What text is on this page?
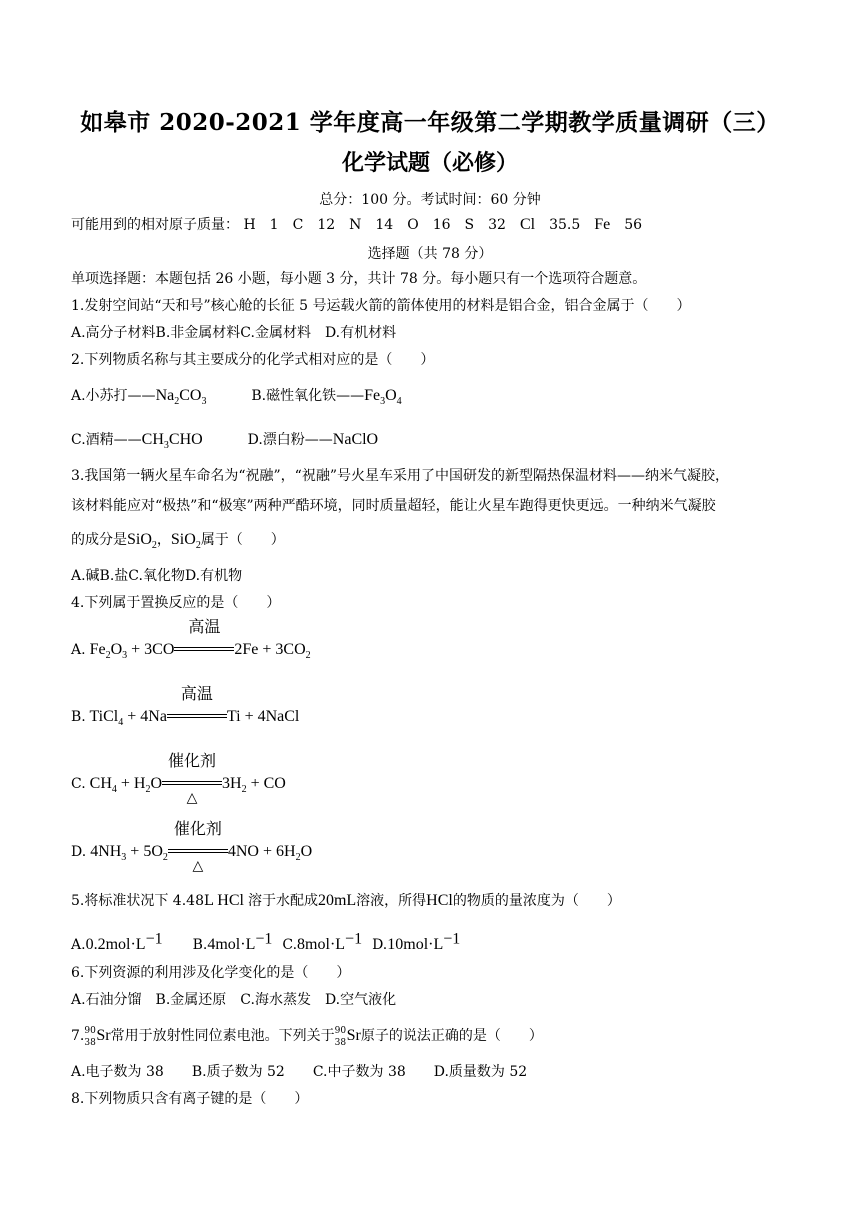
如皋市 2020-2021 学年度高一年级第二学期教学质量调研（三）
化学试题（必修）
总分：100 分。考试时间：60 分钟
可能用到的相对原子质量： H 1 C 12 N 14 O 16 S 32 Cl 35.5 Fe 56
选择题（共 78 分）
单项选择题：本题包括 26 小题，每小题 3 分，共计 78 分。每小题只有一个选项符合题意。
1.发射空间站“天和号”核心舱的长征 5 号运载火箭的箭体使用的材料是铝合金，铝合金属于（　　）
A.高分子材料B.非金属材料C.金属材料　D.有机材料
2.下列物质名称与其主要成分的化学式相对应的是（　　）
A.小苏打$——Na_2CO_3$	B.磁性氧化铁$——Fe_3O_4$
C.酒精$——CH_3CHO$	D.漂白粉——NaClO
3.我国第一辆火星车命名为“祝融”，“祝融”号火星车采用了中国研发的新型隔热保温材料——纳米气凝胶，
该材料能应对“极热”和“极寒”两种严酷环境，同时质量超轻，能让火星车跑得更快更远。一种纳米气凝胶
的成分是SiO$_2$，SiO$_2$属于（　　）
A.碱B.盐C.氧化物D.有机物
4.下列属于置换反应的是（　　）
A. $Fe_2O_3 + 3CO$
高温
$2Fe + 3CO_2$
B. TiCl$_4$ + 4Na
高温
Ti + 4NaCl
C. $CH_4 + H_2O$
催化剂
△
$3H_2$ + CO
D. $4NH_3 + 5O_2$
催化剂
△
$4NO + 6H_2O$
5.将标准状况下 4.48L HCl 溶于水配成20mL溶液，所得HCl的物质的量浓度为（　　）
$A.0.2mol\cdot L^{-1}$ $B.4mol\cdot L^{-1}$ $C.8mol\cdot L^{-1}$ $D.10mol\cdot L^{-1}$
6.下列资源的利用涉及化学变化的是（　　）
A.石油分馏　B.金属还原　C.海水蒸发　D.空气液化
7. 90
38 Sr常用于放射性同位素电池。下列关于 90
38 Sr原子的说法正确的是（　　）
A.电子数为 38　　B.质子数为 52　　C.中子数为 38　　D.质量数为 52
8.下列物质只含有离子键的是（　　）
